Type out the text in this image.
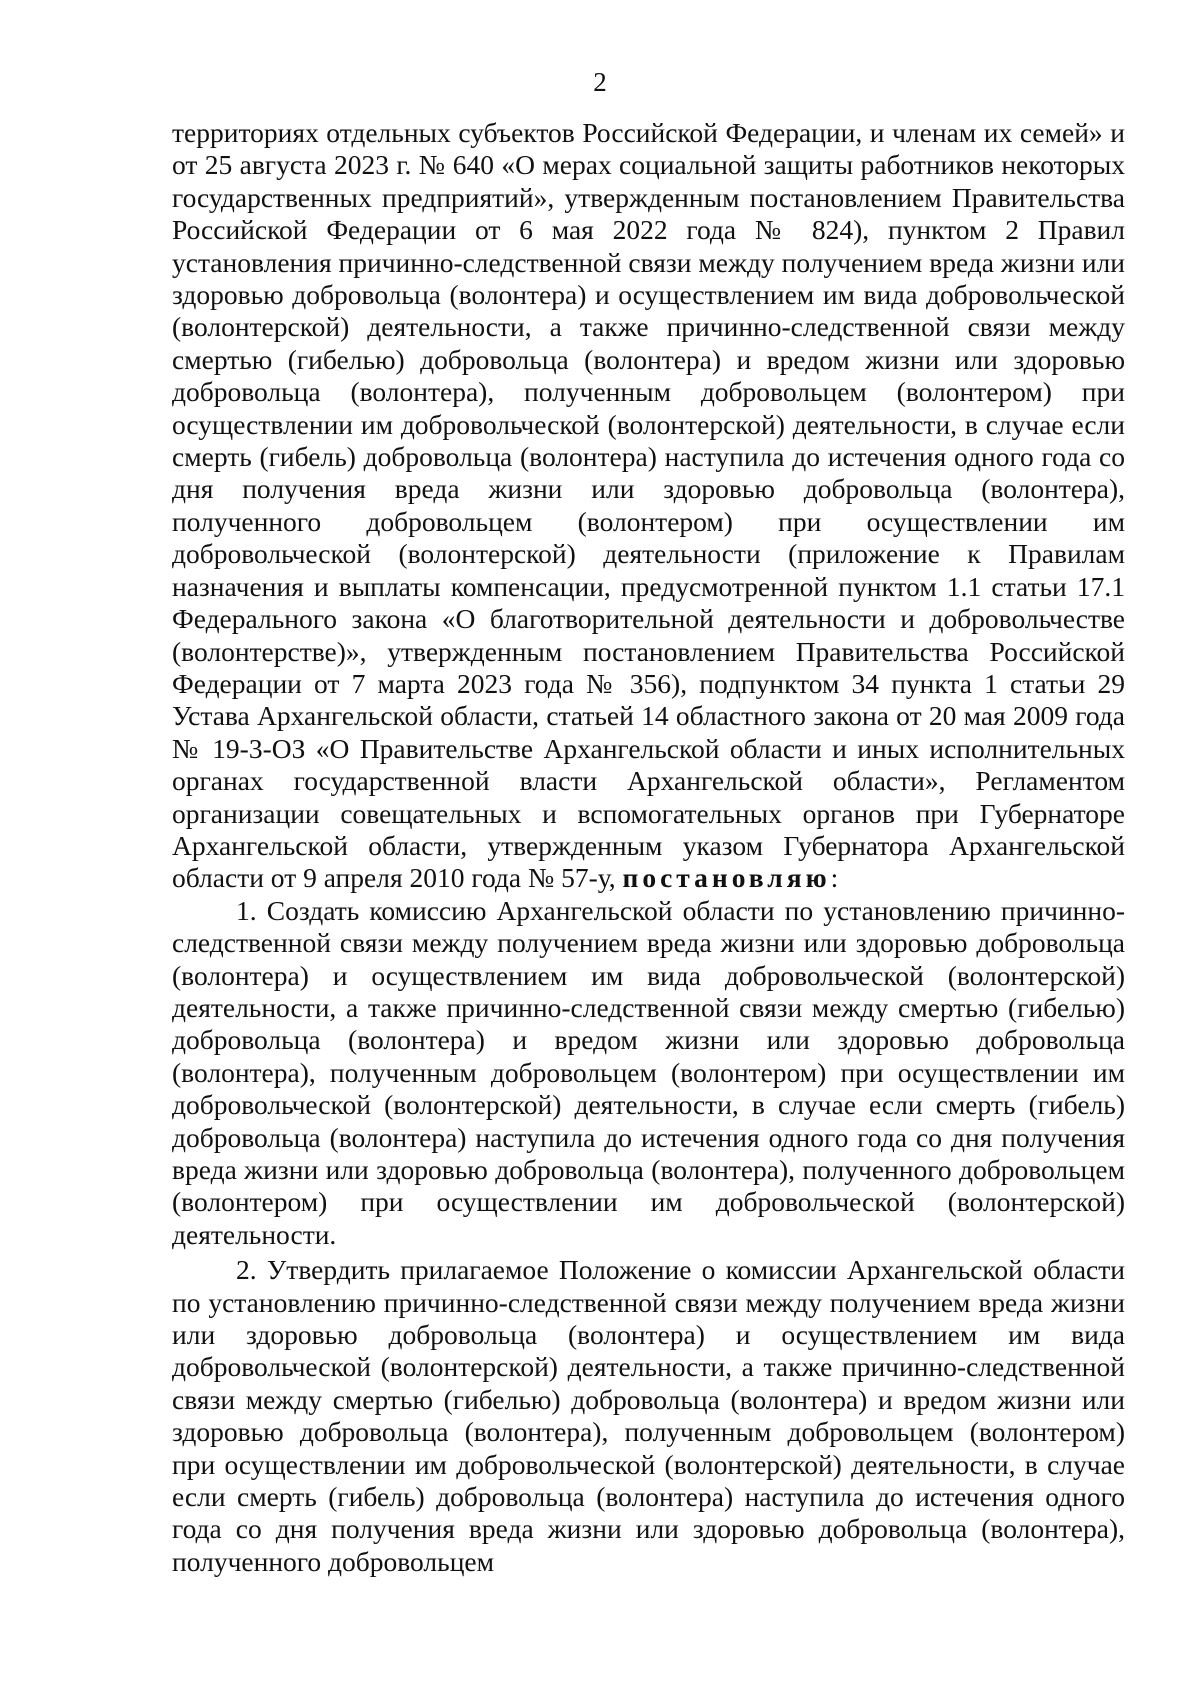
2

территориях отдельных субъектов Российской Федерации, и членам их семей» и от 25 августа 2023 г. № 640 «О мерах социальной защиты работников некоторых государственных предприятий», утвержденным постановлением Правительства Российской Федерации от 6 мая 2022 года № 824), пунктом 2 Правил установления причинно-следственной связи между получением вреда жизни или здоровью добровольца (волонтера) и осуществлением им вида добровольческой (волонтерской) деятельности, а также причинно-следственной связи между смертью (гибелью) добровольца (волонтера) и вредом жизни или здоровью добровольца (волонтера), полученным добровольцем (волонтером) при осуществлении им добровольческой (волонтерской) деятельности, в случае если смерть (гибель) добровольца (волонтера) наступила до истечения одного года со дня получения вреда жизни или здоровью добровольца (волонтера), полученного добровольцем (волонтером) при осуществлении им добровольческой (волонтерской) деятельности (приложение к Правилам назначения и выплаты компенсации, предусмотренной пунктом 1.1 статьи 17.1 Федерального закона «О благотворительной деятельности и добровольчестве (волонтерстве)», утвержденным постановлением Правительства Российской Федерации от 7 марта 2023 года № 356), подпунктом 34 пункта 1 статьи 29 Устава Архангельской области, статьей 14 областного закона от 20 мая 2009 года № 19-3-ОЗ «О Правительстве Архангельской области и иных исполнительных органах государственной власти Архангельской области», Регламентом организации совещательных и вспомогательных органов при Губернаторе Архангельской области, утвержденным указом Губернатора Архангельской области от 9 апреля 2010 года № 57-у, постановляю:

1. Создать комиссию Архангельской области по установлению причинно-следственной связи между получением вреда жизни или здоровью добровольца (волонтера) и осуществлением им вида добровольческой (волонтерской) деятельности, а также причинно-следственной связи между смертью (гибелью) добровольца (волонтера) и вредом жизни или здоровью добровольца (волонтера), полученным добровольцем (волонтером) при осуществлении им добровольческой (волонтерской) деятельности, в случае если смерть (гибель) добровольца (волонтера) наступила до истечения одного года со дня получения вреда жизни или здоровью добровольца (волонтера), полученного добровольцем (волонтером) при осуществлении им добровольческой (волонтерской) деятельности.

2. Утвердить прилагаемое Положение о комиссии Архангельской области по установлению причинно-следственной связи между получением вреда жизни или здоровью добровольца (волонтера) и осуществлением им вида добровольческой (волонтерской) деятельности, а также причинно-следственной связи между смертью (гибелью) добровольца (волонтера) и вредом жизни или здоровью добровольца (волонтера), полученным добровольцем (волонтером) при осуществлении им добровольческой (волонтерской) деятельности, в случае если смерть (гибель) добровольца (волонтера) наступила до истечения одного года со дня получения вреда жизни или здоровью добровольца (волонтера), полученного добровольцем
